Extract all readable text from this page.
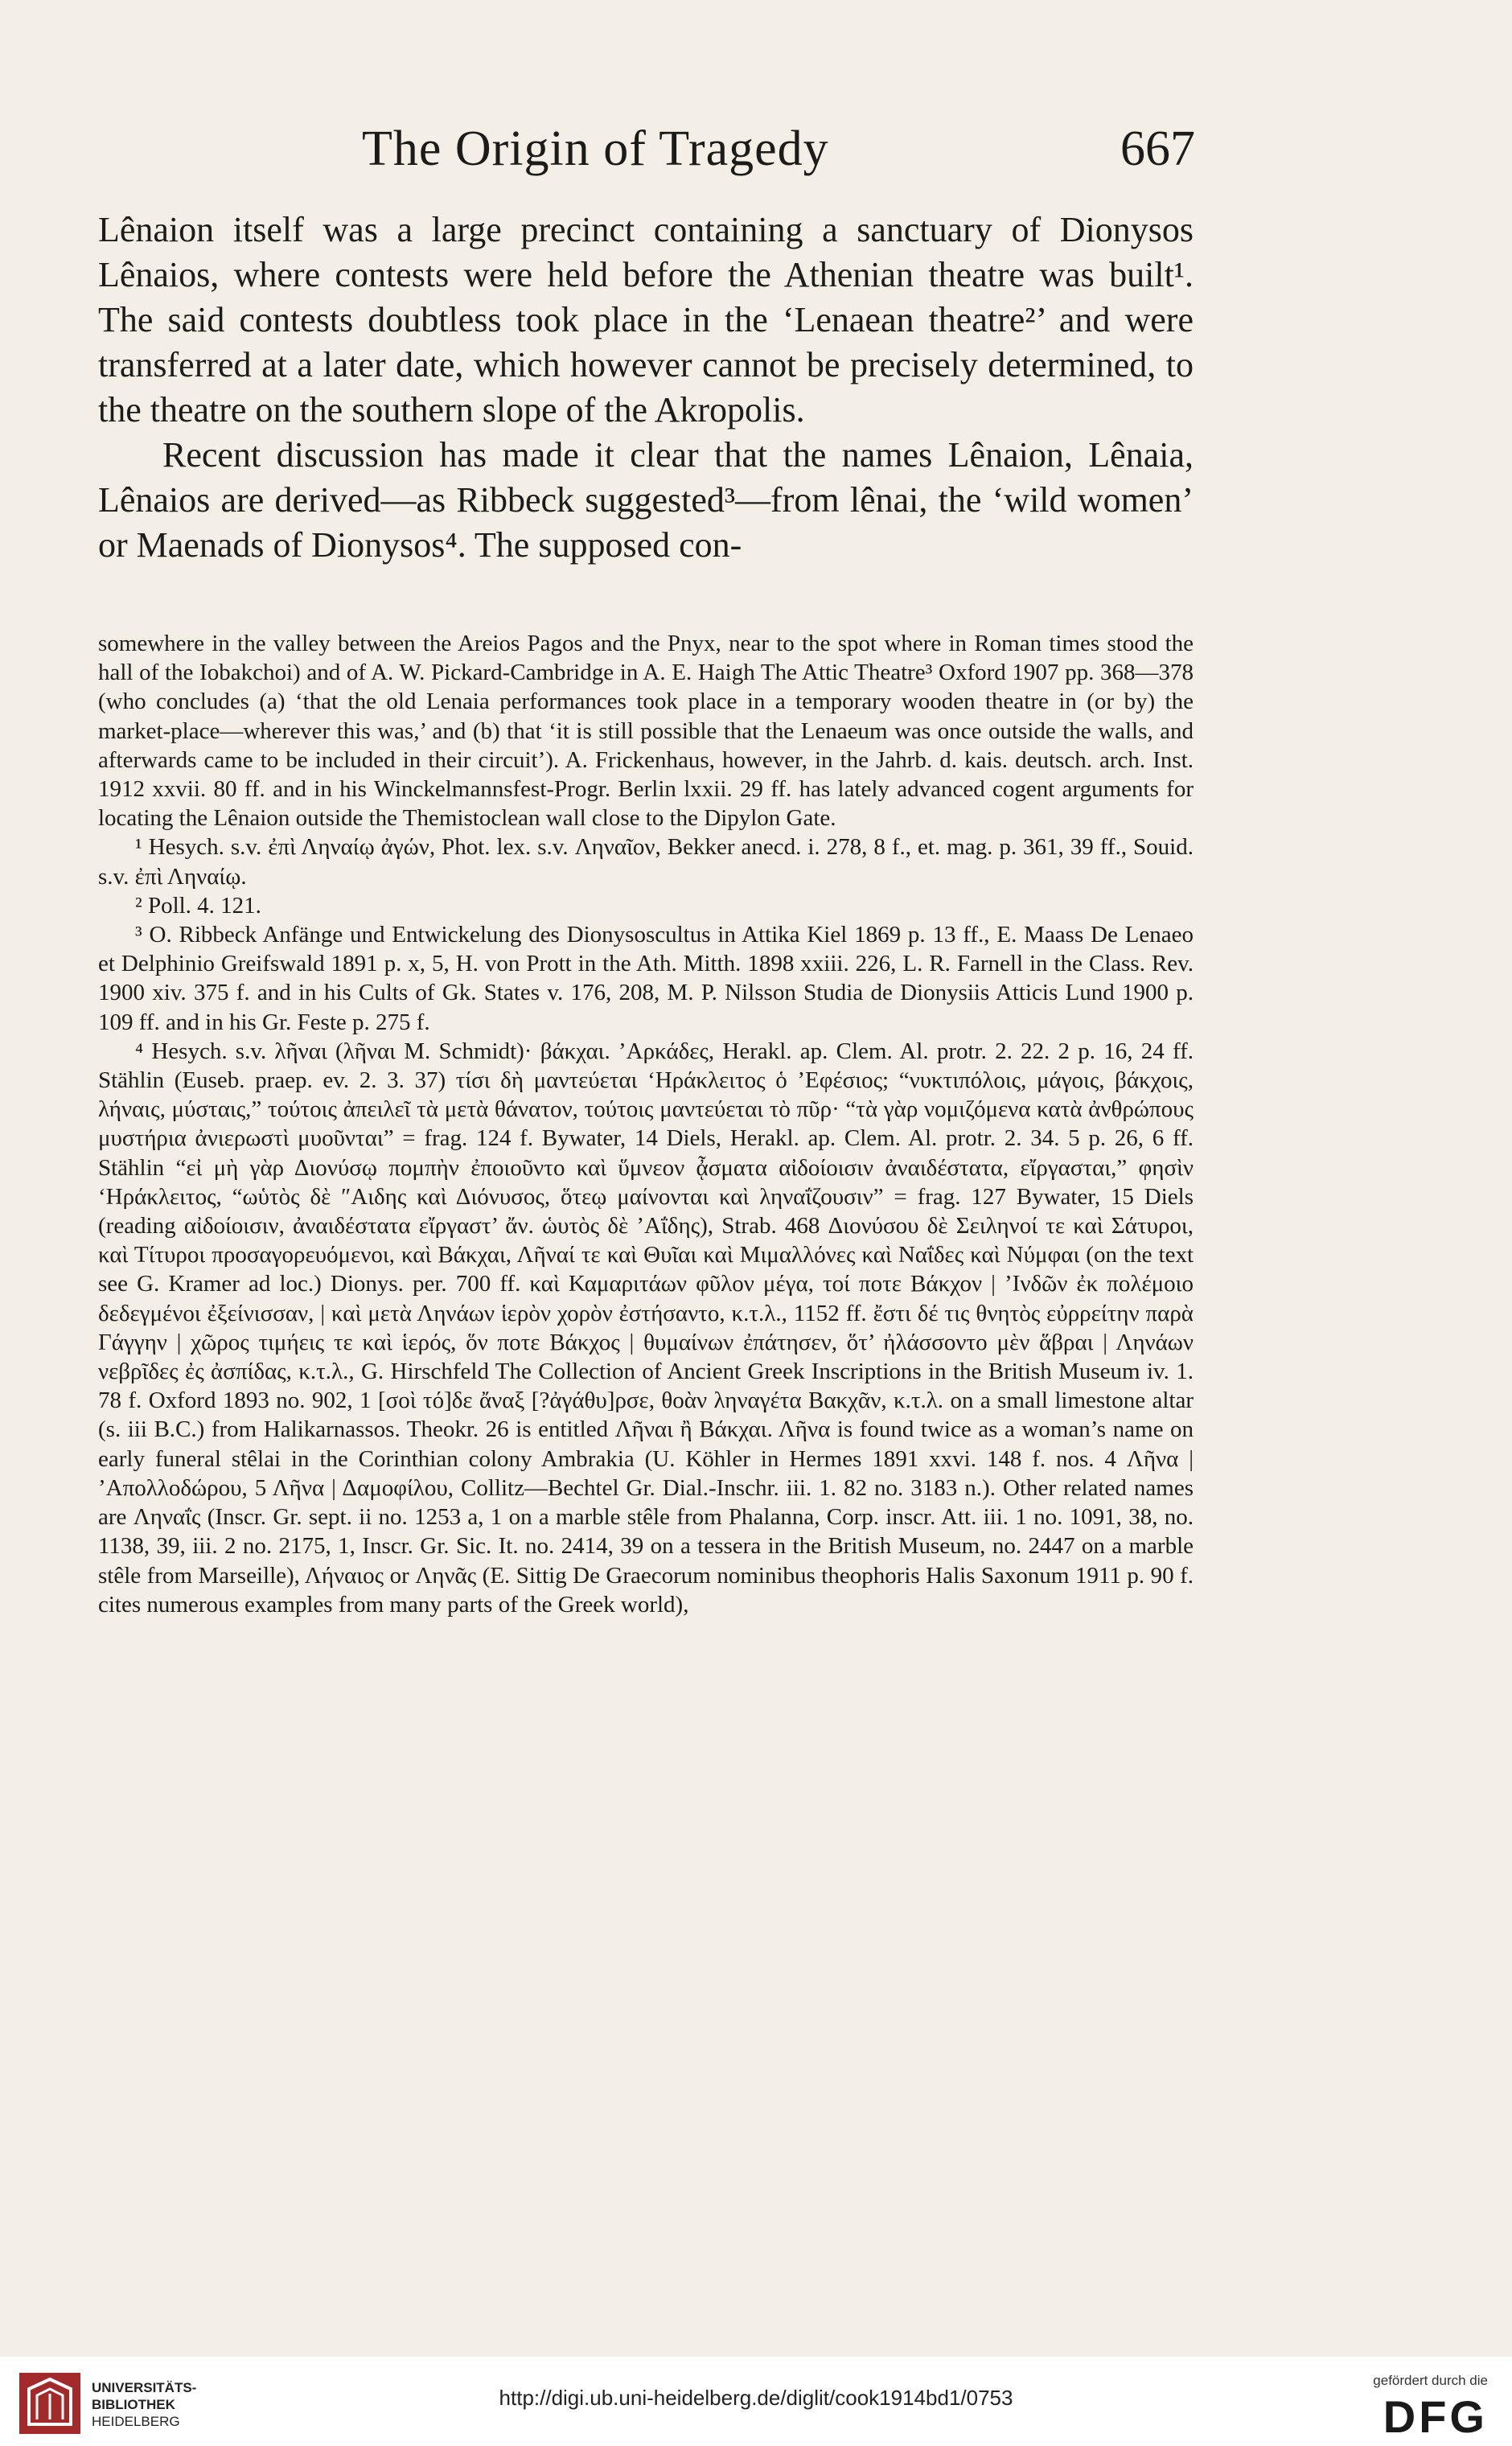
The Origin of Tragedy	667

Lênaion itself was a large precinct containing a sanctuary of Dionysos Lênaios, where contests were held before the Athenian theatre was built¹. The said contests doubtless took place in the ‘Lenaean theatre²’ and were transferred at a later date, which however cannot be precisely determined, to the theatre on the southern slope of the Akropolis.

Recent discussion has made it clear that the names Lênaion, Lênaia, Lênaios are derived—as Ribbeck suggested³—from lênai, the ‘wild women’ or Maenads of Dionysos⁴. The supposed con-

somewhere in the valley between the Areios Pagos and the Pnyx, near to the spot where in Roman times stood the hall of the Iobakchoi) and of A. W. Pickard-Cambridge in A. E. Haigh The Attic Theatre³ Oxford 1907 pp. 368—378 (who concludes (a) ‘that the old Lenaia performances took place in a temporary wooden theatre in (or by) the market-place—wherever this was,’ and (b) that ‘it is still possible that the Lenaeum was once outside the walls, and afterwards came to be included in their circuit’). A. Frickenhaus, however, in the Jahrb. d. kais. deutsch. arch. Inst. 1912 xxvii. 80 ff. and in his Winckelmannsfest-Progr. Berlin lxxii. 29 ff. has lately advanced cogent arguments for locating the Lênaion outside the Themistoclean wall close to the Dipylon Gate.

¹ Hesych. s.v. ἐπὶ Ληναίῳ ἀγών, Phot. lex. s.v. Ληναῖον, Bekker anecd. i. 278, 8 f., et. mag. p. 361, 39 ff., Souid. s.v. ἐπὶ Ληναίῳ.

² Poll. 4. 121.

³ O. Ribbeck Anfänge und Entwickelung des Dionysoscultus in Attika Kiel 1869 p. 13 ff., E. Maass De Lenaeo et Delphinio Greifswald 1891 p. x, 5, H. von Prott in the Ath. Mitth. 1898 xxiii. 226, L. R. Farnell in the Class. Rev. 1900 xiv. 375 f. and in his Cults of Gk. States v. 176, 208, M. P. Nilsson Studia de Dionysiis Atticis Lund 1900 p. 109 ff. and in his Gr. Feste p. 275 f.

⁴ Hesych. s.v. λῆναι (λῆναι M. Schmidt)· βάκχαι. ’Αρκάδες, Herakl. ap. Clem. Al. protr. 2. 22. 2 p. 16, 24 ff. Stählin (Euseb. praep. ev. 2. 3. 37) τίσι δὴ μαντεύεται ‘Ηράκλειτος ὁ ’Εφέσιος; “νυκτιπόλοις, μάγοις, βάκχοις, λήναις, μύσταις,” τούτοις ἀπειλεῖ τὰ μετὰ θάνατον, τούτοις μαντεύεται τὸ πῦρ· “τὰ γὰρ νομιζόμενα κατὰ ἀνθρώπους μυστήρια ἀνιερωστὶ μυοῦνται” = frag. 124 f. Bywater, 14 Diels, Herakl. ap. Clem. Al. protr. 2. 34. 5 p. 26, 6 ff. Stählin “εἰ μὴ γὰρ Διονύσῳ πομπὴν ἐποιοῦντο καὶ ὕμνεον ᾆσματα αἰδοίοισιν ἀναιδέστατα, εἴργασται,” φησὶν ‘Ηράκλειτος, “ωὑτὸς δὲ ″Αιδης καὶ Διόνυσος, ὅτεῳ μαίνονται καὶ ληναΐζουσιν” = frag. 127 Bywater, 15 Diels (reading αἰδοίοισιν, ἀναιδέστατα εἴργαστ’ ἄν. ὡυτὸς δὲ ’Αΐδης), Strab. 468 Διονύσου δὲ Σειληνοί τε καὶ Σάτυροι, καὶ Τίτυροι προσαγορευόμενοι, καὶ Βάκχαι, Λῆναί τε καὶ Θυῖαι καὶ Μιμαλλόνες καὶ Ναΐδες καὶ Νύμφαι (on the text see G. Kramer ad loc.) Dionys. per. 700 ff. καὶ Καμαριτάων φῦλον μέγα, τοί ποτε Βάκχον | ’Ινδῶν ἐκ πολέμοιο δεδεγμένοι ἐξείνισσαν, | καὶ μετὰ Ληνάων ἱερὸν χορὸν ἐστήσαντο, κ.τ.λ., 1152 ff. ἔστι δέ τις θνητὸς εὐρρείτην παρὰ Γάγγην | χῶρος τιμήεις τε καὶ ἱερός, ὅν ποτε Βάκχος | θυμαίνων ἐπάτησεν, ὅτ’ ἠλάσσοντο μὲν ἅβραι | Ληνάων νεβρῖδες ἐς ἀσπίδας, κ.τ.λ., G. Hirschfeld The Collection of Ancient Greek Inscriptions in the British Museum iv. 1. 78 f. Oxford 1893 no. 902, 1 [σοὶ τό]δε ἄναξ [?ἀγάθυ]ρσε, θοὰν ληναγέτα Βακχᾶν, κ.τ.λ. on a small limestone altar (s. iii B.C.) from Halikarnassos. Theokr. 26 is entitled Λῆναι ἢ Βάκχαι. Λῆνα is found twice as a woman’s name on early funeral stêlai in the Corinthian colony Ambrakia (U. Köhler in Hermes 1891 xxvi. 148 f. nos. 4 Λῆνα | ’Απολλοδώρου, 5 Λῆνα | Δαμοφίλου, Collitz—Bechtel Gr. Dial.-Inschr. iii. 1. 82 no. 3183 n.). Other related names are Ληναΐς (Inscr. Gr. sept. ii no. 1253 a, 1 on a marble stêle from Phalanna, Corp. inscr. Att. iii. 1 no. 1091, 38, no. 1138, 39, iii. 2 no. 2175, 1, Inscr. Gr. Sic. It. no. 2414, 39 on a tessera in the British Museum, no. 2447 on a marble stêle from Marseille), Λήναιος or Ληνᾶς (E. Sittig De Graecorum nominibus theophoris Halis Saxonum 1911 p. 90 f. cites numerous examples from many parts of the Greek world),

UNIVERSITÄTS-
BIBLIOTHEK
HEIDELBERG
http://digi.ub.uni-heidelberg.de/diglit/cook1914bd1/0753
gefördert durch die
DFG
